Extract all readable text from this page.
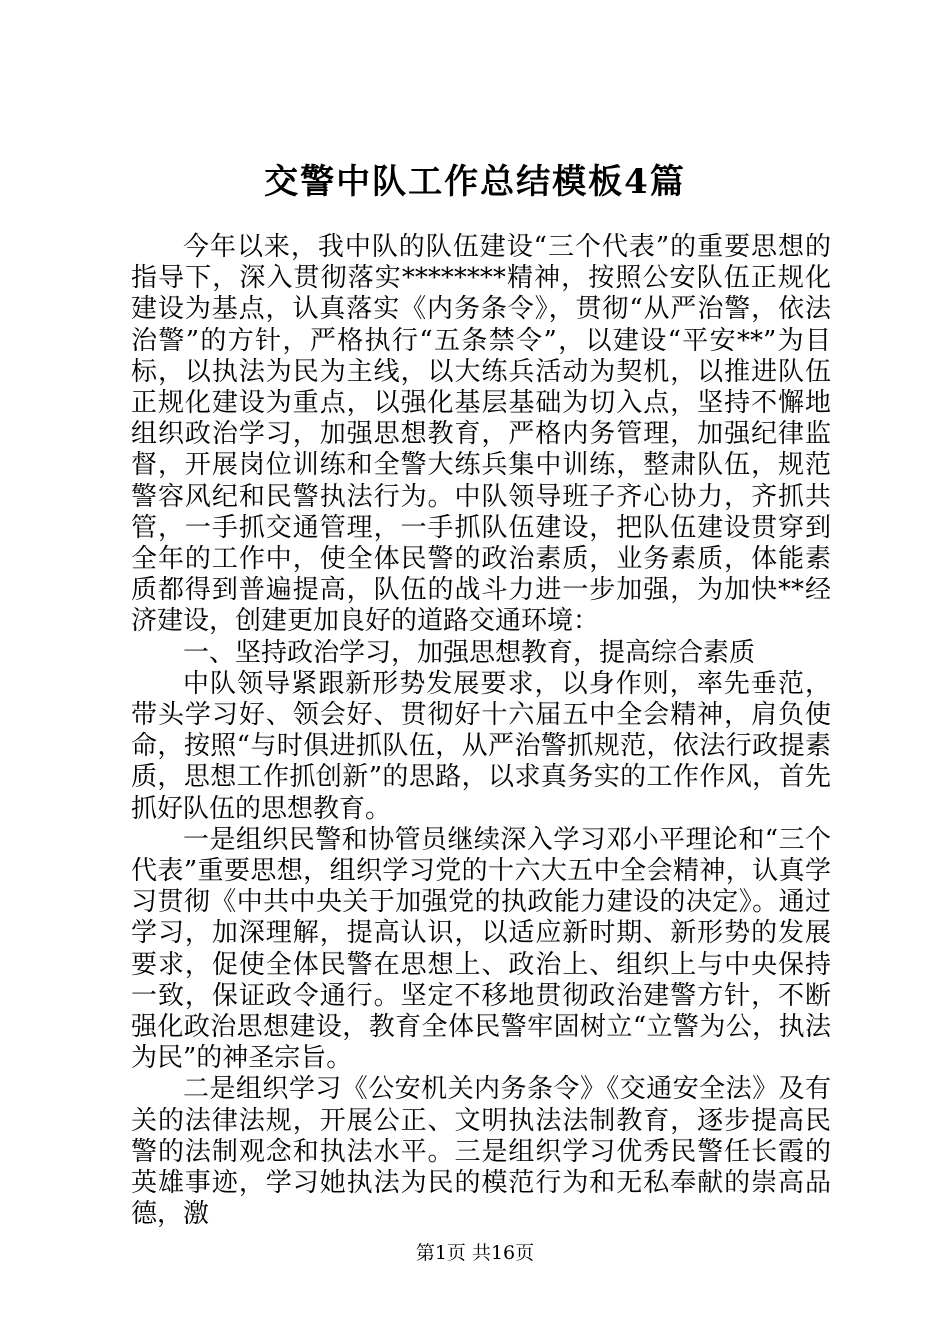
交警中队工作总结模板4篇

今年以来，我中队的队伍建设“三个代表”的重要思想的指导下，深入贯彻落实********精神，按照公安队伍正规化建设为基点，认真落实《内务条令》，贯彻“从严治警，依法治警”的方针，严格执行“五条禁令”，以建设“平安**”为目标，以执法为民为主线，以大练兵活动为契机，以推进队伍正规化建设为重点，以强化基层基础为切入点，坚持不懈地组织政治学习，加强思想教育，严格内务管理，加强纪律监督，开展岗位训练和全警大练兵集中训练，整肃队伍，规范警容风纪和民警执法行为。中队领导班子齐心协力，齐抓共管，一手抓交通管理，一手抓队伍建设，把队伍建设贯穿到全年的工作中，使全体民警的政治素质，业务素质，体能素质都得到普遍提高，队伍的战斗力进一步加强，为加快**经济建设，创建更加良好的道路交通环境：

一、坚持政治学习，加强思想教育，提高综合素质

中队领导紧跟新形势发展要求，以身作则，率先垂范，带头学习好、领会好、贯彻好十六届五中全会精神，肩负使命，按照“与时俱进抓队伍，从严治警抓规范，依法行政提素质，思想工作抓创新”的思路，以求真务实的工作作风，首先抓好队伍的思想教育。

一是组织民警和协管员继续深入学习邓小平理论和“三个代表”重要思想，组织学习党的十六大五中全会精神，认真学习贯彻《中共中央关于加强党的执政能力建设的决定》。通过学习，加深理解，提高认识，以适应新时期、新形势的发展要求，促使全体民警在思想上、政治上、组织上与中央保持一致，保证政令通行。坚定不移地贯彻政治建警方针，不断强化政治思想建设，教育全体民警牢固树立“立警为公，执法为民”的神圣宗旨。

二是组织学习《公安机关内务条令》《交通安全法》及有关的法律法规，开展公正、文明执法法制教育，逐步提高民警的法制观念和执法水平。三是组织学习优秀民警任长霞的英雄事迹，学习她执法为民的模范行为和无私奉献的崇高品德，激

第1页 共16页
